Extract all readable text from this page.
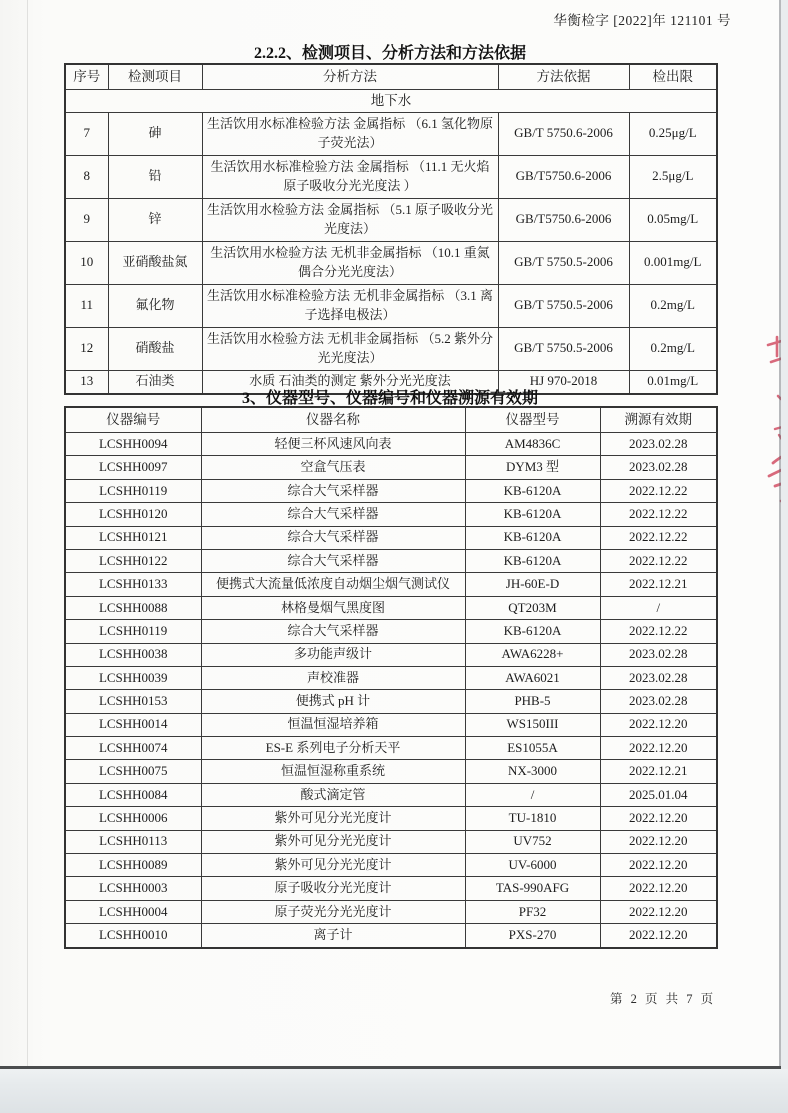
华衡检字 [2022]年 121101 号
2.2.2、检测项目、分析方法和方法依据
序号	检测项目	分析方法	方法依据	检出限
地下水				
7	砷	生活饮用水标准检验方法 金属指标 （6.1 氢化物原子荧光法）	GB/T 5750.6-2006	0.25μg/L
8	铅	生活饮用水标准检验方法 金属指标 （11.1 无火焰原子吸收分光光度法 ）	GB/T5750.6-2006	2.5μg/L
9	锌	生活饮用水检验方法 金属指标 （5.1 原子吸收分光光度法）	GB/T5750.6-2006	0.05mg/L
10	亚硝酸盐氮	生活饮用水检验方法 无机非金属指标 （10.1 重氮偶合分光光度法）	GB/T 5750.5-2006	0.001mg/L
11	氟化物	生活饮用水标准检验方法 无机非金属指标 （3.1 离子选择电极法）	GB/T 5750.5-2006	0.2mg/L
12	硝酸盐	生活饮用水检验方法 无机非金属指标 （5.2 紫外分光光度法）	GB/T 5750.5-2006	0.2mg/L
13	石油类	水质 石油类的测定 紫外分光光度法	HJ 970-2018	0.01mg/L
3、仪器型号、仪器编号和仪器溯源有效期
仪器编号	仪器名称	仪器型号	溯源有效期
LCSHH0094	轻便三杯风速风向表	AM4836C	2023.02.28
LCSHH0097	空盒气压表	DYM3 型	2023.02.28
LCSHH0119	综合大气采样器	KB-6120A	2022.12.22
LCSHH0120	综合大气采样器	KB-6120A	2022.12.22
LCSHH0121	综合大气采样器	KB-6120A	2022.12.22
LCSHH0122	综合大气采样器	KB-6120A	2022.12.22
LCSHH0133	便携式大流量低浓度自动烟尘烟气测试仪	JH-60E-D	2022.12.21
LCSHH0088	林格曼烟气黑度图	QT203M	/
LCSHH0119	综合大气采样器	KB-6120A	2022.12.22
LCSHH0038	多功能声级计	AWA6228+	2023.02.28
LCSHH0039	声校准器	AWA6021	2023.02.28
LCSHH0153	便携式 pH 计	PHB-5	2023.02.28
LCSHH0014	恒温恒湿培养箱	WS150III	2022.12.20
LCSHH0074	ES-E 系列电子分析天平	ES1055A	2022.12.20
LCSHH0075	恒温恒湿称重系统	NX-3000	2022.12.21
LCSHH0084	酸式滴定管	/	2025.01.04
LCSHH0006	紫外可见分光光度计	TU-1810	2022.12.20
LCSHH0113	紫外可见分光光度计	UV752	2022.12.20
LCSHH0089	紫外可见分光光度计	UV-6000	2022.12.20
LCSHH0003	原子吸收分光光度计	TAS-990AFG	2022.12.20
LCSHH0004	原子荧光分光光度计	PF32	2022.12.20
LCSHH0010	离子计	PXS-270	2022.12.20
第 2 页 共 7 页
